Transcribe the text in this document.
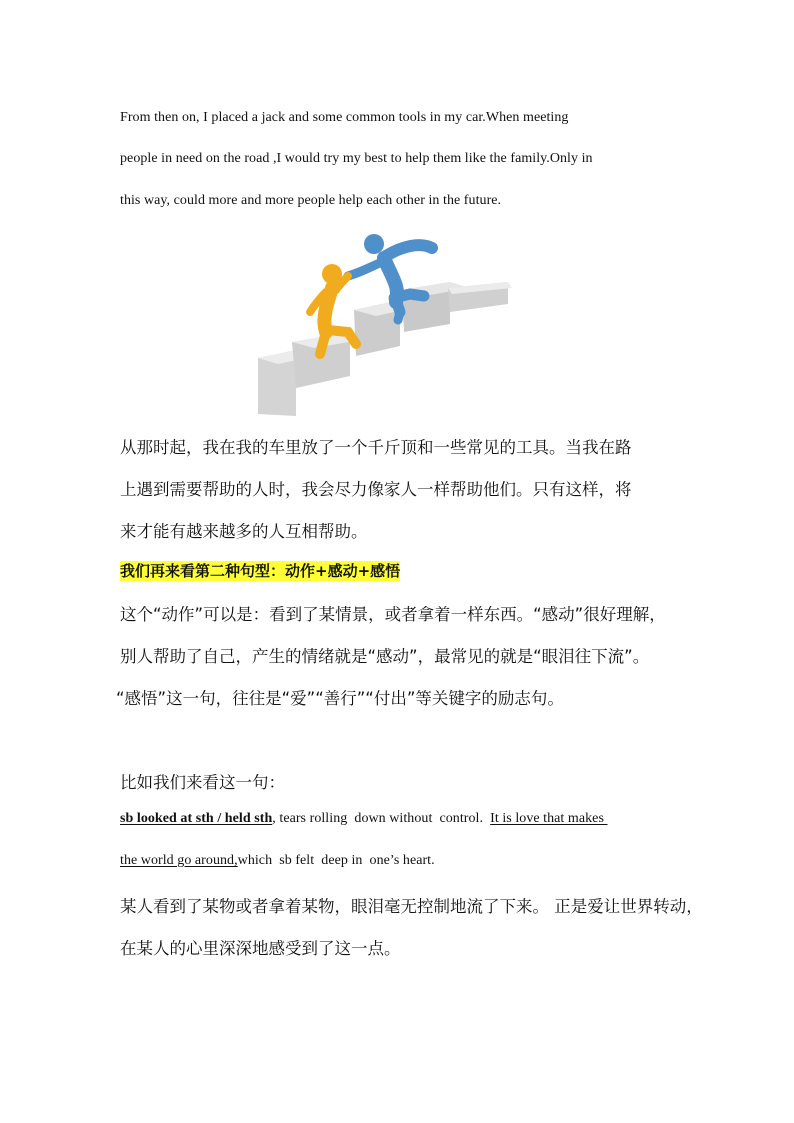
From then on, I placed a jack and some common tools in my car.When meeting
people in need on the road ,I would try my best to help them like the family.Only in
this way, could more and more people help each other in the future.
从那时起，我在我的车里放了一个千斤顶和一些常见的工具。当我在路
上遇到需要帮助的人时，我会尽力像家人一样帮助他们。只有这样，将
来才能有越来越多的人互相帮助。
我们再来看第二种句型：动作+感动+感悟
这个“动作”可以是：看到了某情景，或者拿着一样东西。“感动”很好理解，
别人帮助了自己，产生的情绪就是“感动”，最常见的就是“眼泪往下流”。
“感悟”这一句，往往是“爱”“善行”“付出”等关键字的励志句。
比如我们来看这一句：
sb looked at sth / held sth, tears rolling  down without  control.  It is love that makes
the world go around,which  sb felt  deep in  one’s heart.
某人看到了某物或者拿着某物，眼泪毫无控制地流了下来。 正是爱让世界转动，
在某人的心里深深地感受到了这一点。
